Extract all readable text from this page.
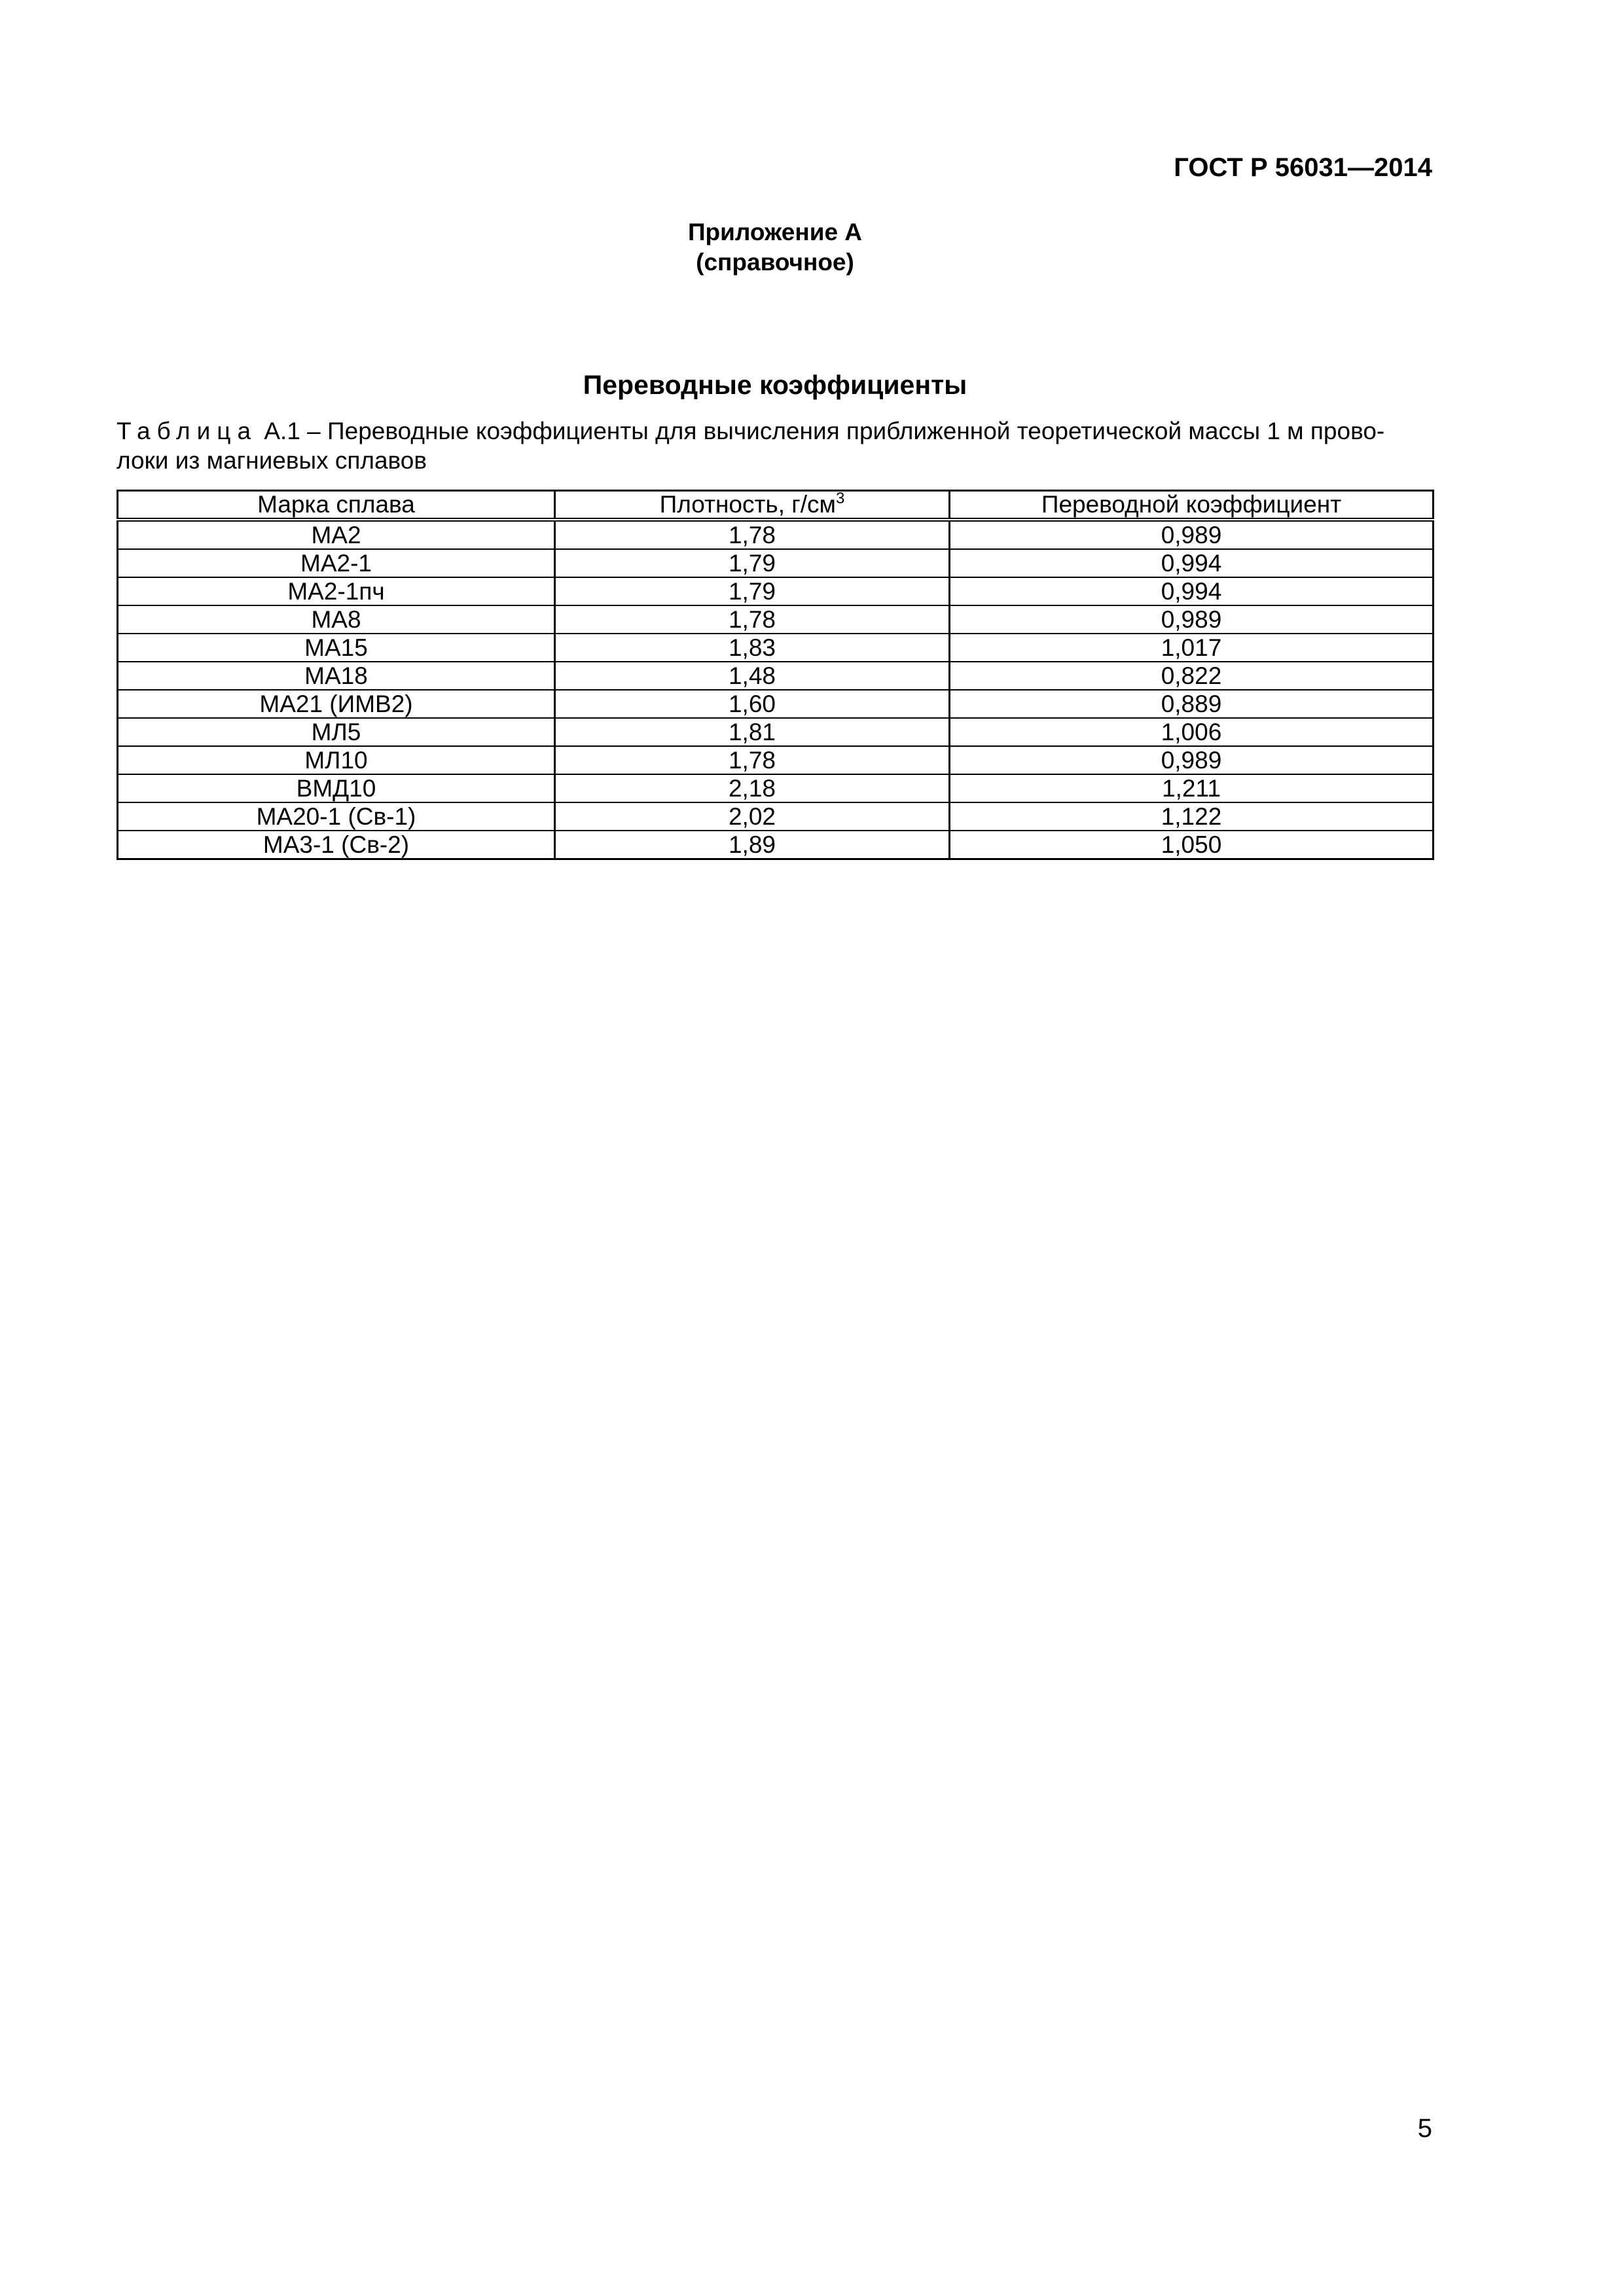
ГОСТ Р 56031—2014
Приложение А
(справочное)
Переводные коэффициенты
Таблица А.1 – Переводные коэффициенты для вычисления приближенной теоретической массы 1 м прово-
локи из магниевых сплавов
Марка сплава	Плотность, $г/см^3$	Переводной коэффициент
МА2	1,78	0,989
МА2-1	1,79	0,994
МА2-1пч	1,79	0,994
МА8	1,78	0,989
МА15	1,83	1,017
МА18	1,48	0,822
МА21 (ИМВ2)	1,60	0,889
МЛ5	1,81	1,006
МЛ10	1,78	0,989
ВМД10	2,18	1,211
МА20-1 (Св-1)	2,02	1,122
МА3-1 (Св-2)	1,89	1,050
5
